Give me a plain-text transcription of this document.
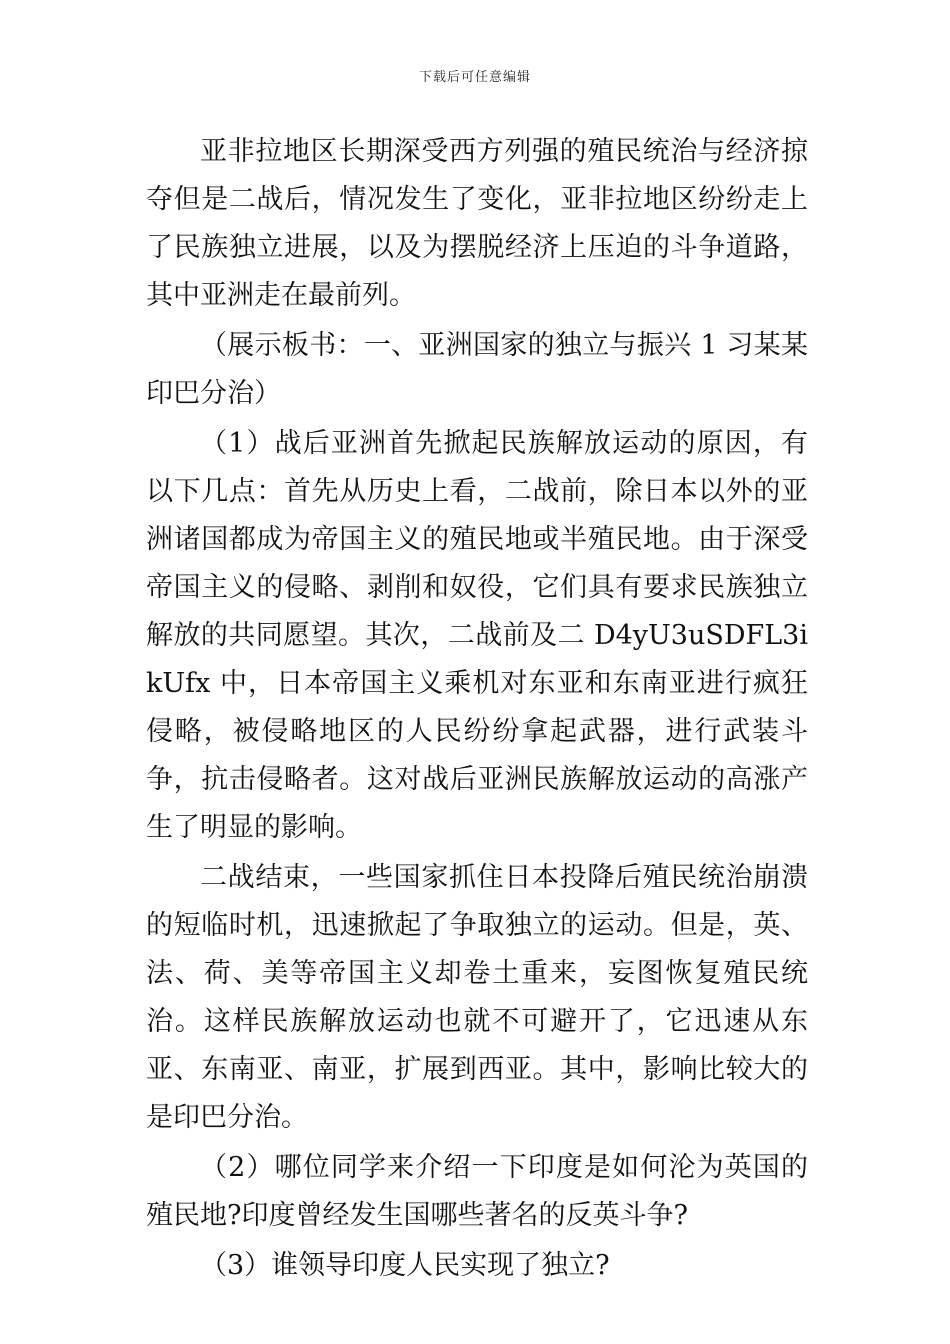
下载后可任意编辑

亚非拉地区长期深受西方列强的殖民统治与经济掠夺但是二战后，情况发生了变化，亚非拉地区纷纷走上了民族独立进展，以及为摆脱经济上压迫的斗争道路，其中亚洲走在最前列。

（展示板书：一、亚洲国家的独立与振兴 1 习某某印巴分治）

（1）战后亚洲首先掀起民族解放运动的原因，有以下几点：首先从历史上看，二战前，除日本以外的亚洲诸国都成为帝国主义的殖民地或半殖民地。由于深受帝国主义的侵略、剥削和奴役，它们具有要求民族独立解放的共同愿望。其次，二战前及二 D4yU3uSDFL3ikUfx 中，日本帝国主义乘机对东亚和东南亚进行疯狂侵略，被侵略地区的人民纷纷拿起武器，进行武装斗争，抗击侵略者。这对战后亚洲民族解放运动的高涨产生了明显的影响。

二战结束，一些国家抓住日本投降后殖民统治崩溃的短临时机，迅速掀起了争取独立的运动。但是，英、法、荷、美等帝国主义却卷土重来，妄图恢复殖民统治。这样民族解放运动也就不可避开了，它迅速从东亚、东南亚、南亚，扩展到西亚。其中，影响比较大的是印巴分治。

（2）哪位同学来介绍一下印度是如何沦为英国的殖民地?印度曾经发生国哪些著名的反英斗争?

（3）谁领导印度人民实现了独立?
